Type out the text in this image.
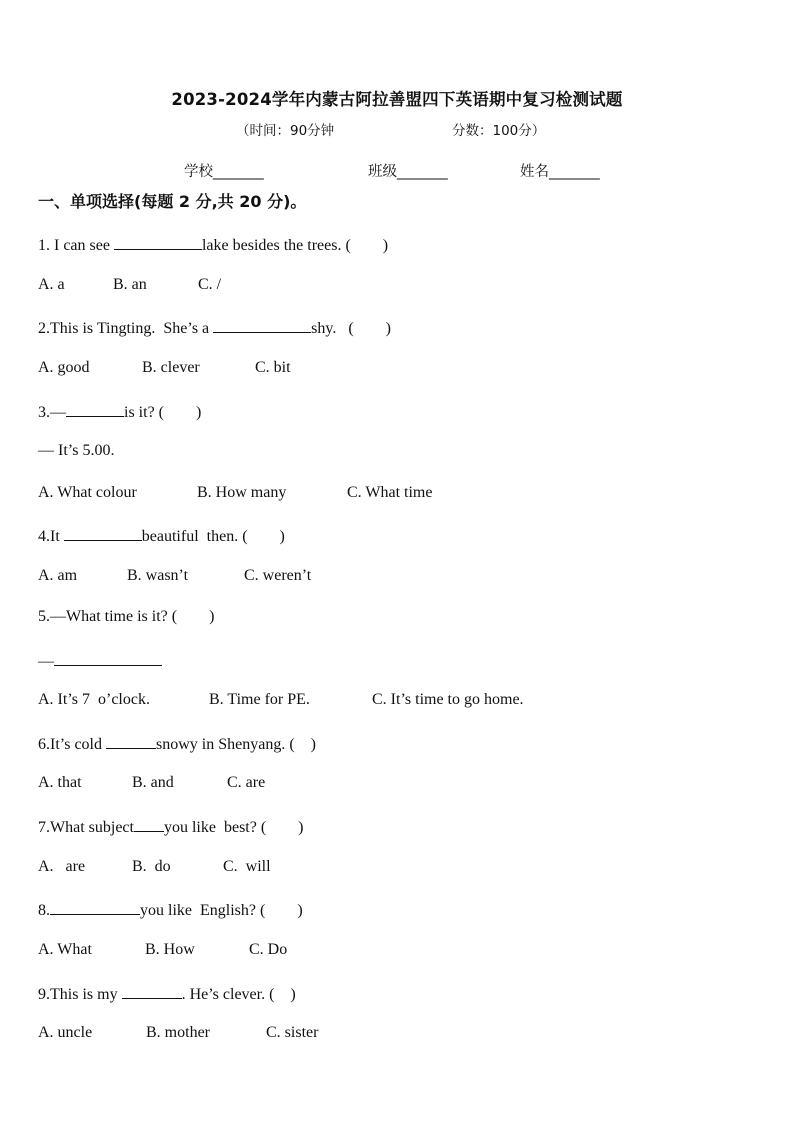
2023-2024学年内蒙古阿拉善盟四下英语期中复习检测试题
（时间：90分钟	分数：100分）
学校_______	班级_______	姓名_______
一、单项选择(每题 2 分,共 20 分)。
1. I can see	lake besides the trees. (　　)
A. a	B. an	C. /
2.This is Tingting.  She’s a	shy.   (　　)
A. good	B. clever	C. bit
3.—	is it? (　　)
— It’s 5.00.
A. What colour	B. How many	C. What time
4.It	beautiful  then. (　　)
A. am	B. wasn’t	C. weren’t
5.—What time is it? (　　)
—
A. It’s 7  o’clock.	B. Time for PE.	C. It’s time to go home.
6.It’s cold	snowy in Shenyang. (　)
A. that	B. and	C. are
7.What subject you like  best? (　　)
A.   are	B.  do	C.  will
8.	you like  English? (　　)
A. What	B. How	C. Do
9.This is my	. He’s clever. (　)
A. uncle	B. mother	C. sister
